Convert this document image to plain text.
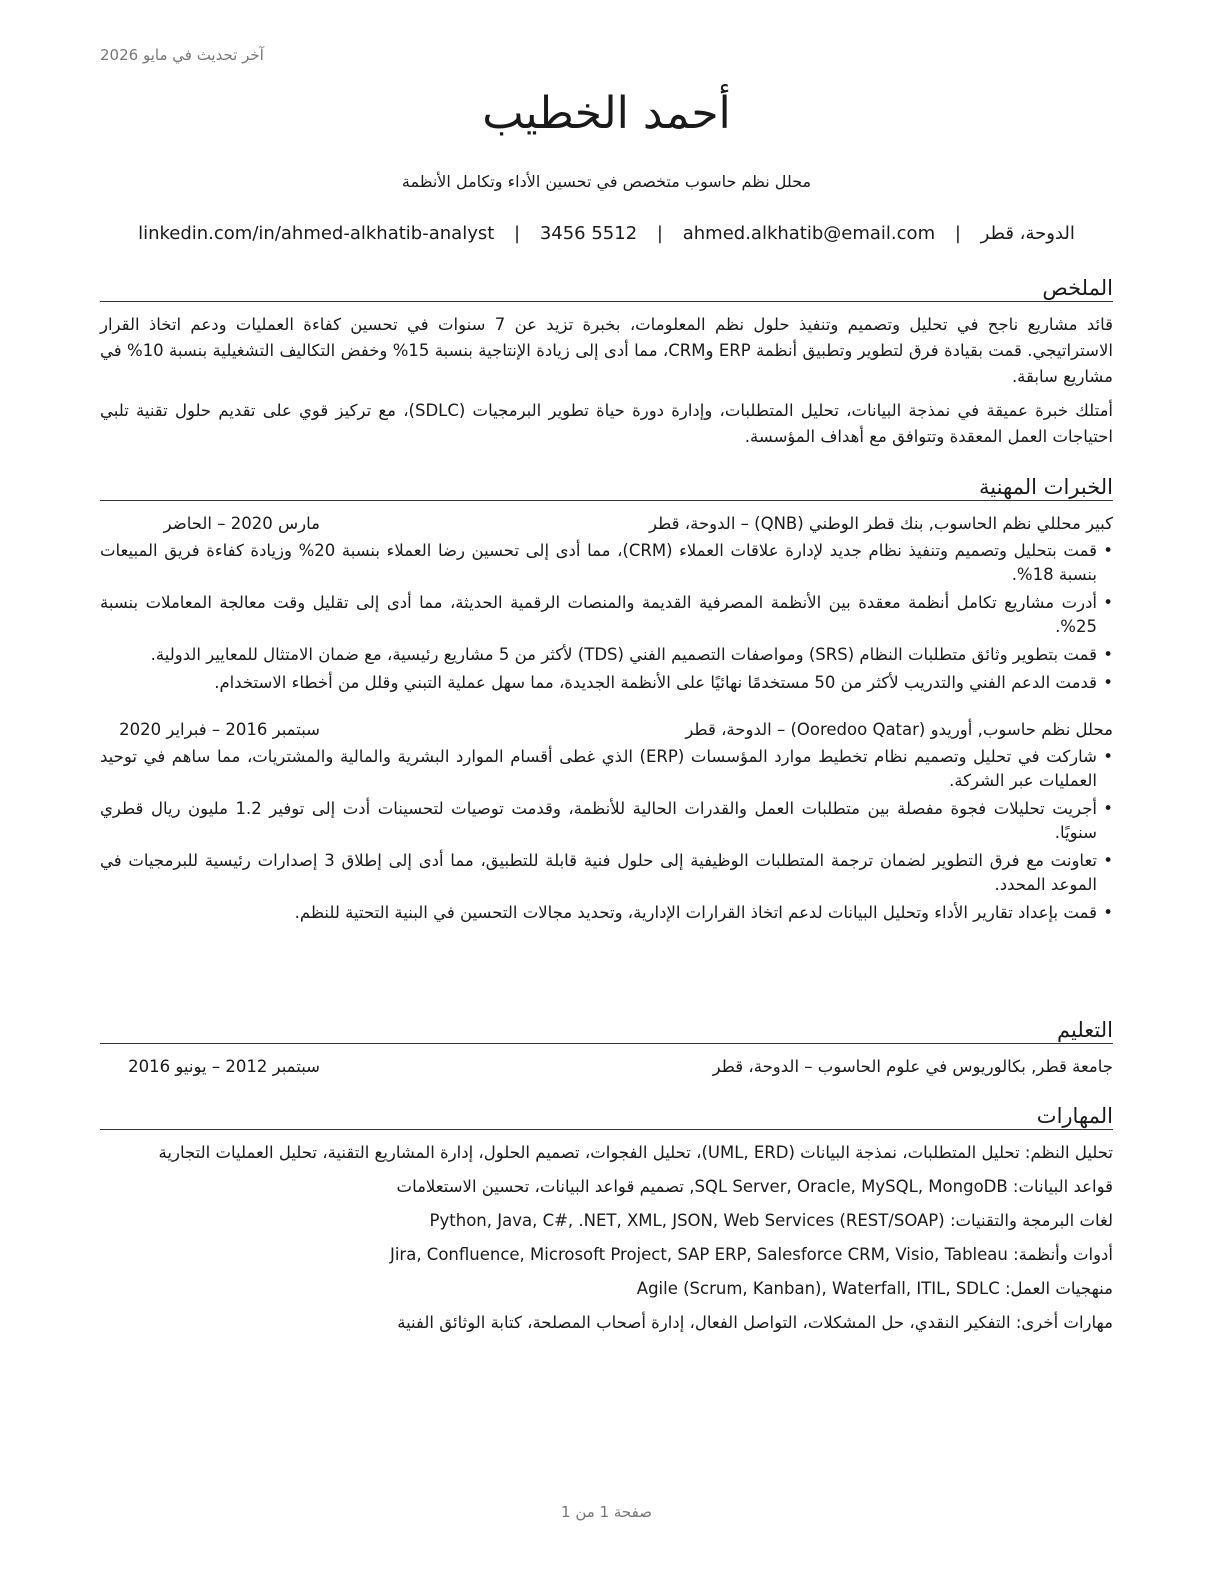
آخر تحديث في مايو 2026
أحمد الخطيب
محلل نظم حاسوب متخصص في تحسين الأداء وتكامل الأنظمة
الدوحة، قطر | ahmed.alkhatib@email.com | 3456 5512 | linkedin.com/in/ahmed-alkhatib-analyst
الملخص

قائد مشاريع ناجح في تحليل وتصميم وتنفيذ حلول نظم المعلومات، بخبرة تزيد عن 7 سنوات في تحسين كفاءة العمليات ودعم اتخاذ القرار الاستراتيجي. قمت بقيادة فرق لتطوير وتطبيق أنظمة ERP وCRM، مما أدى إلى زيادة الإنتاجية بنسبة 15% وخفض التكاليف التشغيلية بنسبة 10% في مشاريع سابقة.

أمتلك خبرة عميقة في نمذجة البيانات، تحليل المتطلبات، وإدارة دورة حياة تطوير البرمجيات (SDLC)، مع تركيز قوي على تقديم حلول تقنية تلبي احتياجات العمل المعقدة وتتوافق مع أهداف المؤسسة.

الخبرات المهنية
كبير محللي نظم الحاسوب, بنك قطر الوطني (QNB) – الدوحة، قطر
مارس 2020 – الحاضر
• قمت بتحليل وتصميم وتنفيذ نظام جديد لإدارة علاقات العملاء (CRM)، مما أدى إلى تحسين رضا العملاء بنسبة 20% وزيادة كفاءة فريق المبيعات بنسبة 18%.
• أدرت مشاريع تكامل أنظمة معقدة بين الأنظمة المصرفية القديمة والمنصات الرقمية الحديثة، مما أدى إلى تقليل وقت معالجة المعاملات بنسبة 25%.
• قمت بتطوير وثائق متطلبات النظام (SRS) ومواصفات التصميم الفني (TDS) لأكثر من 5 مشاريع رئيسية، مع ضمان الامتثال للمعايير الدولية.
• قدمت الدعم الفني والتدريب لأكثر من 50 مستخدمًا نهائيًا على الأنظمة الجديدة، مما سهل عملية التبني وقلل من أخطاء الاستخدام.
محلل نظم حاسوب, أوريدو (Ooredoo Qatar) – الدوحة، قطر
سبتمبر 2016 – فبراير 2020
• شاركت في تحليل وتصميم نظام تخطيط موارد المؤسسات (ERP) الذي غطى أقسام الموارد البشرية والمالية والمشتريات، مما ساهم في توحيد العمليات عبر الشركة.
• أجريت تحليلات فجوة مفصلة بين متطلبات العمل والقدرات الحالية للأنظمة، وقدمت توصيات لتحسينات أدت إلى توفير 1.2 مليون ريال قطري سنويًا.
• تعاونت مع فرق التطوير لضمان ترجمة المتطلبات الوظيفية إلى حلول فنية قابلة للتطبيق، مما أدى إلى إطلاق 3 إصدارات رئيسية للبرمجيات في الموعد المحدد.
• قمت بإعداد تقارير الأداء وتحليل البيانات لدعم اتخاذ القرارات الإدارية، وتحديد مجالات التحسين في البنية التحتية للنظم.
التعليم
جامعة قطر, بكالوريوس في علوم الحاسوب – الدوحة، قطر
سبتمبر 2012 – يونيو 2016
المهارات
تحليل النظم: تحليل المتطلبات، نمذجة البيانات (UML, ERD)، تحليل الفجوات، تصميم الحلول، إدارة المشاريع التقنية، تحليل العمليات التجارية
قواعد البيانات: SQL Server, Oracle, MySQL, MongoDB, تصميم قواعد البيانات، تحسين الاستعلامات
لغات البرمجة والتقنيات: Python, Java, C#, .NET, XML, JSON, Web Services (REST/SOAP)
أدوات وأنظمة: Jira, Confluence, Microsoft Project, SAP ERP, Salesforce CRM, Visio, Tableau
منهجيات العمل: Agile (Scrum, Kanban), Waterfall, ITIL, SDLC
مهارات أخرى: التفكير النقدي، حل المشكلات، التواصل الفعال، إدارة أصحاب المصلحة، كتابة الوثائق الفنية
صفحة 1 من 1
